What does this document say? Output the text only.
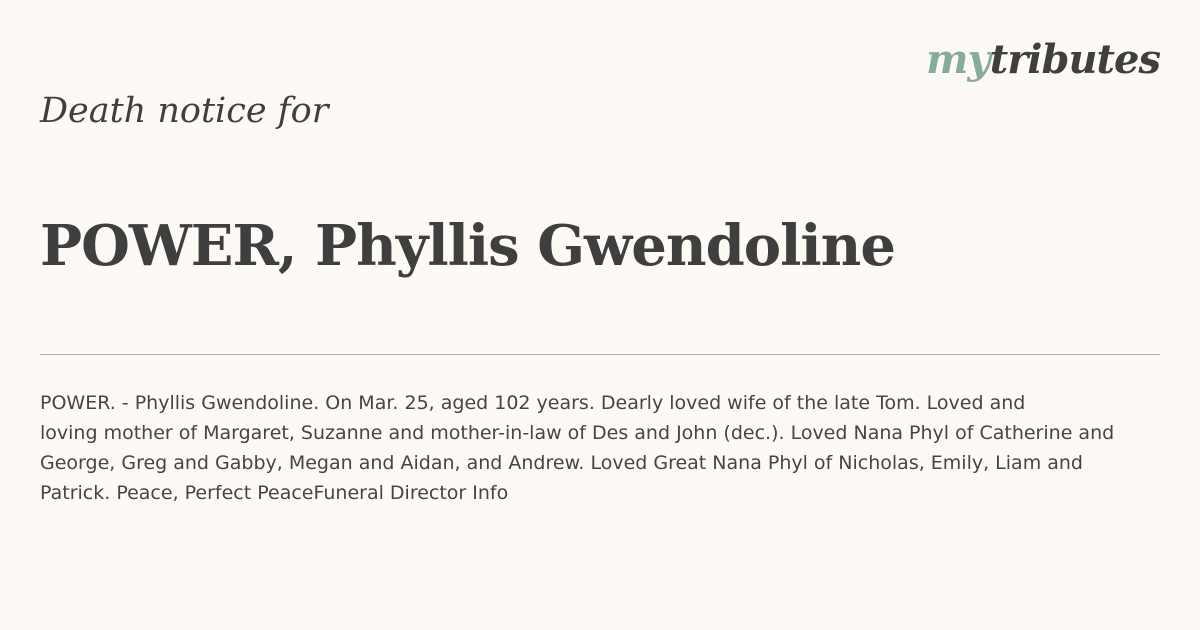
mytributes
Death notice for
POWER, Phyllis Gwendoline

POWER. - Phyllis Gwendoline. On Mar. 25, aged 102 years. Dearly loved wife of the late Tom. Loved and
loving mother of Margaret, Suzanne and mother-in-law of Des and John (dec.). Loved Nana Phyl of Catherine and
George, Greg and Gabby, Megan and Aidan, and Andrew. Loved Great Nana Phyl of Nicholas, Emily, Liam and
Patrick. Peace, Perfect PeaceFuneral Director Info
